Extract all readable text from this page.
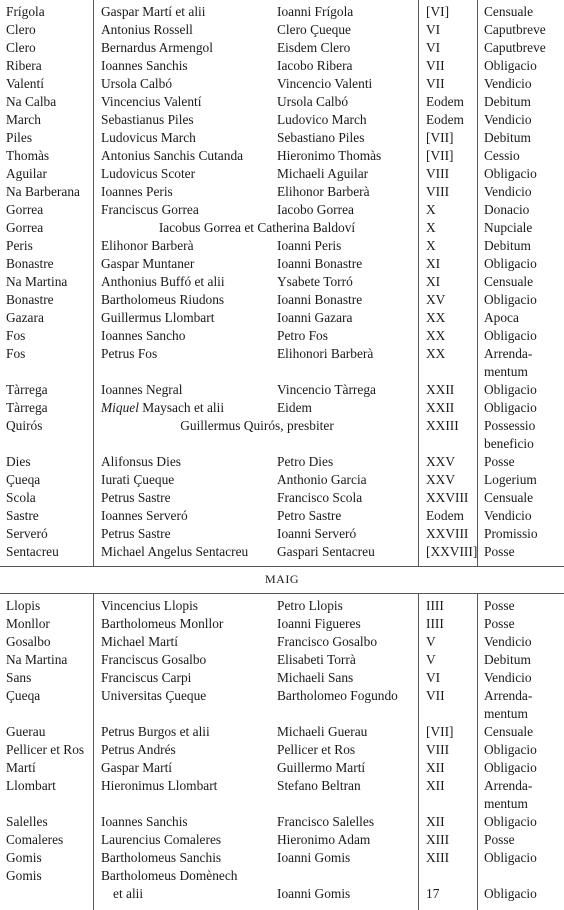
MAIG
Frígola	Gaspar Martí et alii	Ioanni Frígola	[VI]	Censuale
Clero	Antonius Rossell	Clero Çueque	VI	Caputbreve
Clero	Bernardus Armengol	Eisdem Clero	VI	Caputbreve
Ribera	Ioannes Sanchis	Iacobo Ribera	VII	Obligacio
Valentí	Ursola Calbó	Vincencio Valenti	VII	Vendicio
Na Calba	Vincencius Valentí	Ursola Calbó	Eodem	Debitum
March	Sebastianus Piles	Ludovico March	Eodem	Vendicio
Piles	Ludovicus March	Sebastiano Piles	[VII]	Debitum
Thomàs	Antonius Sanchis Cutanda	Hieronimo Thomàs	[VII]	Cessio
Aguilar	Ludovicus Scoter	Michaeli Aguilar	VIII	Obligacio
Na Barberana	Ioannes Peris	Elihonor Barberà	VIII	Vendicio
Gorrea	Franciscus Gorrea	Iacobo Gorrea	X	Donacio
Gorrea	Iacobus Gorrea et Catherina Baldoví	X	Nupciale
Peris	Elihonor Barberà	Ioanni Peris	X	Debitum
Bonastre	Gaspar Muntaner	Ioanni Bonastre	XI	Obligacio
Na Martina	Anthonius Buffó et alii	Ysabete Torró	XI	Censuale
Bonastre	Bartholomeus Riudons	Ioanni Bonastre	XV	Obligacio
Gazara	Guillermus Llombart	Ioanni Gazara	XX	Apoca
Fos	Ioannes Sancho	Petro Fos	XX	Obligacio
Fos	Petrus Fos	Elihonori Barberà	XX	Arrenda-
mentum
Tàrrega	Ioannes Negral	Vincencio Tàrrega	XXII	Obligacio
Tàrrega	Miquel Maysach et alii	Eidem	XXII	Obligacio
Quirós	Guillermus Quirós, presbiter	XXIII	Possessio
beneficio
Dies	Alifonsus Dies	Petro Dies	XXV	Posse
Çueqa	Iurati Çueque	Anthonio Garcia	XXV	Logerium
Scola	Petrus Sastre	Francisco Scola	XXVIII	Censuale
Sastre	Ioannes Serveró	Petro Sastre	Eodem	Vendicio
Serveró	Petrus Sastre	Ioanni Serveró	XXVIII	Promissio
Sentacreu	Michael Angelus Sentacreu	Gaspari Sentacreu	[XXVIII] Posse
Llopis	Vincencius Llopis	Petro Llopis	IIII	Posse
Monllor	Bartholomeus Monllor	Ioanni Figueres	IIII	Posse
Gosalbo	Michael Martí	Francisco Gosalbo	V	Vendicio
Na Martina	Franciscus Gosalbo	Elisabeti Torrà	V	Debitum
Sans	Franciscus Carpi	Michaeli Sans	VI	Vendicio
Çueqa	Universitas Çueque	Bartholomeo Fogundo	VII	Arrenda-
mentum
Guerau	Petrus Burgos et alii	Michaeli Guerau	[VII]	Censuale
Pellicer et Ros	Petrus Andrés	Pellicer et Ros	VIII	Obligacio
Martí	Gaspar Martí	Guillermo Martí	XII	Obligacio
Llombart	Hieronimus Llombart	Stefano Beltran	XII	Arrenda-
mentum
Salelles	Ioannes Sanchis	Francisco Salelles	XII	Obligacio
Comaleres	Laurencius Comaleres	Hieronimo Adam	XIII	Posse
Gomis	Bartholomeus Sanchis	Ioanni Gomis	XIII	Obligacio
Gomis	Bartholomeus Domènech
et alii	Ioanni Gomis	17	Obligacio
